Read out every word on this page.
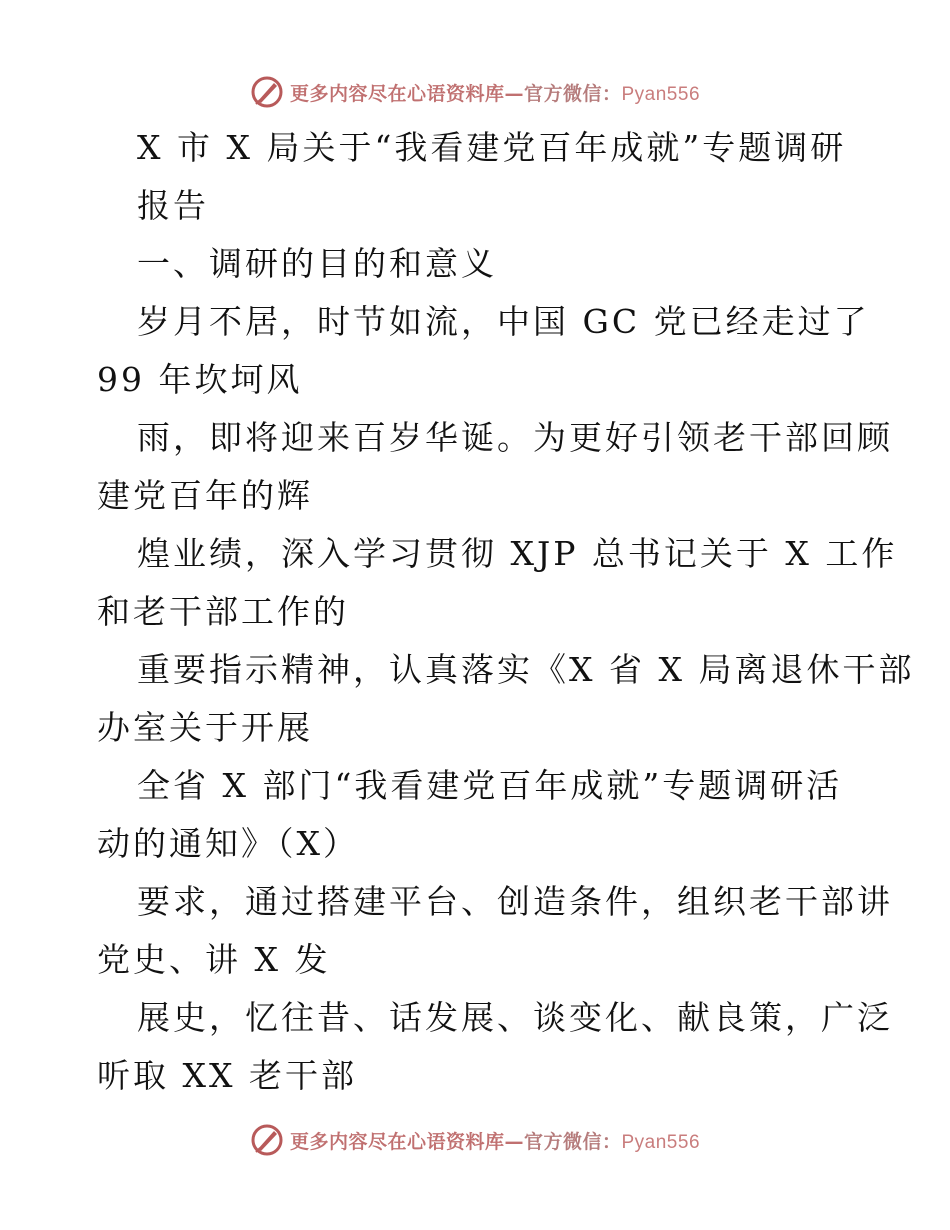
更多内容尽在心语资料库—官方微信：Pyan556
X 市 X 局关于“我看建党百年成就”专题调研
报告
一、调研的目的和意义
岁月不居，时节如流，中国 GC 党已经走过了
99 年坎坷风
雨，即将迎来百岁华诞。为更好引领老干部回顾
建党百年的辉
煌业绩，深入学习贯彻 XJP 总书记关于 X 工作
和老干部工作的
重要指示精神，认真落实《X 省 X 局离退休干部
办室关于开展
全省 X 部门“我看建党百年成就”专题调研活
动的通知》（X）
要求，通过搭建平台、创造条件，组织老干部讲
党史、讲 X 发
展史，忆往昔、话发展、谈变化、献良策，广泛
听取 XX 老干部
更多内容尽在心语资料库—官方微信：Pyan556
